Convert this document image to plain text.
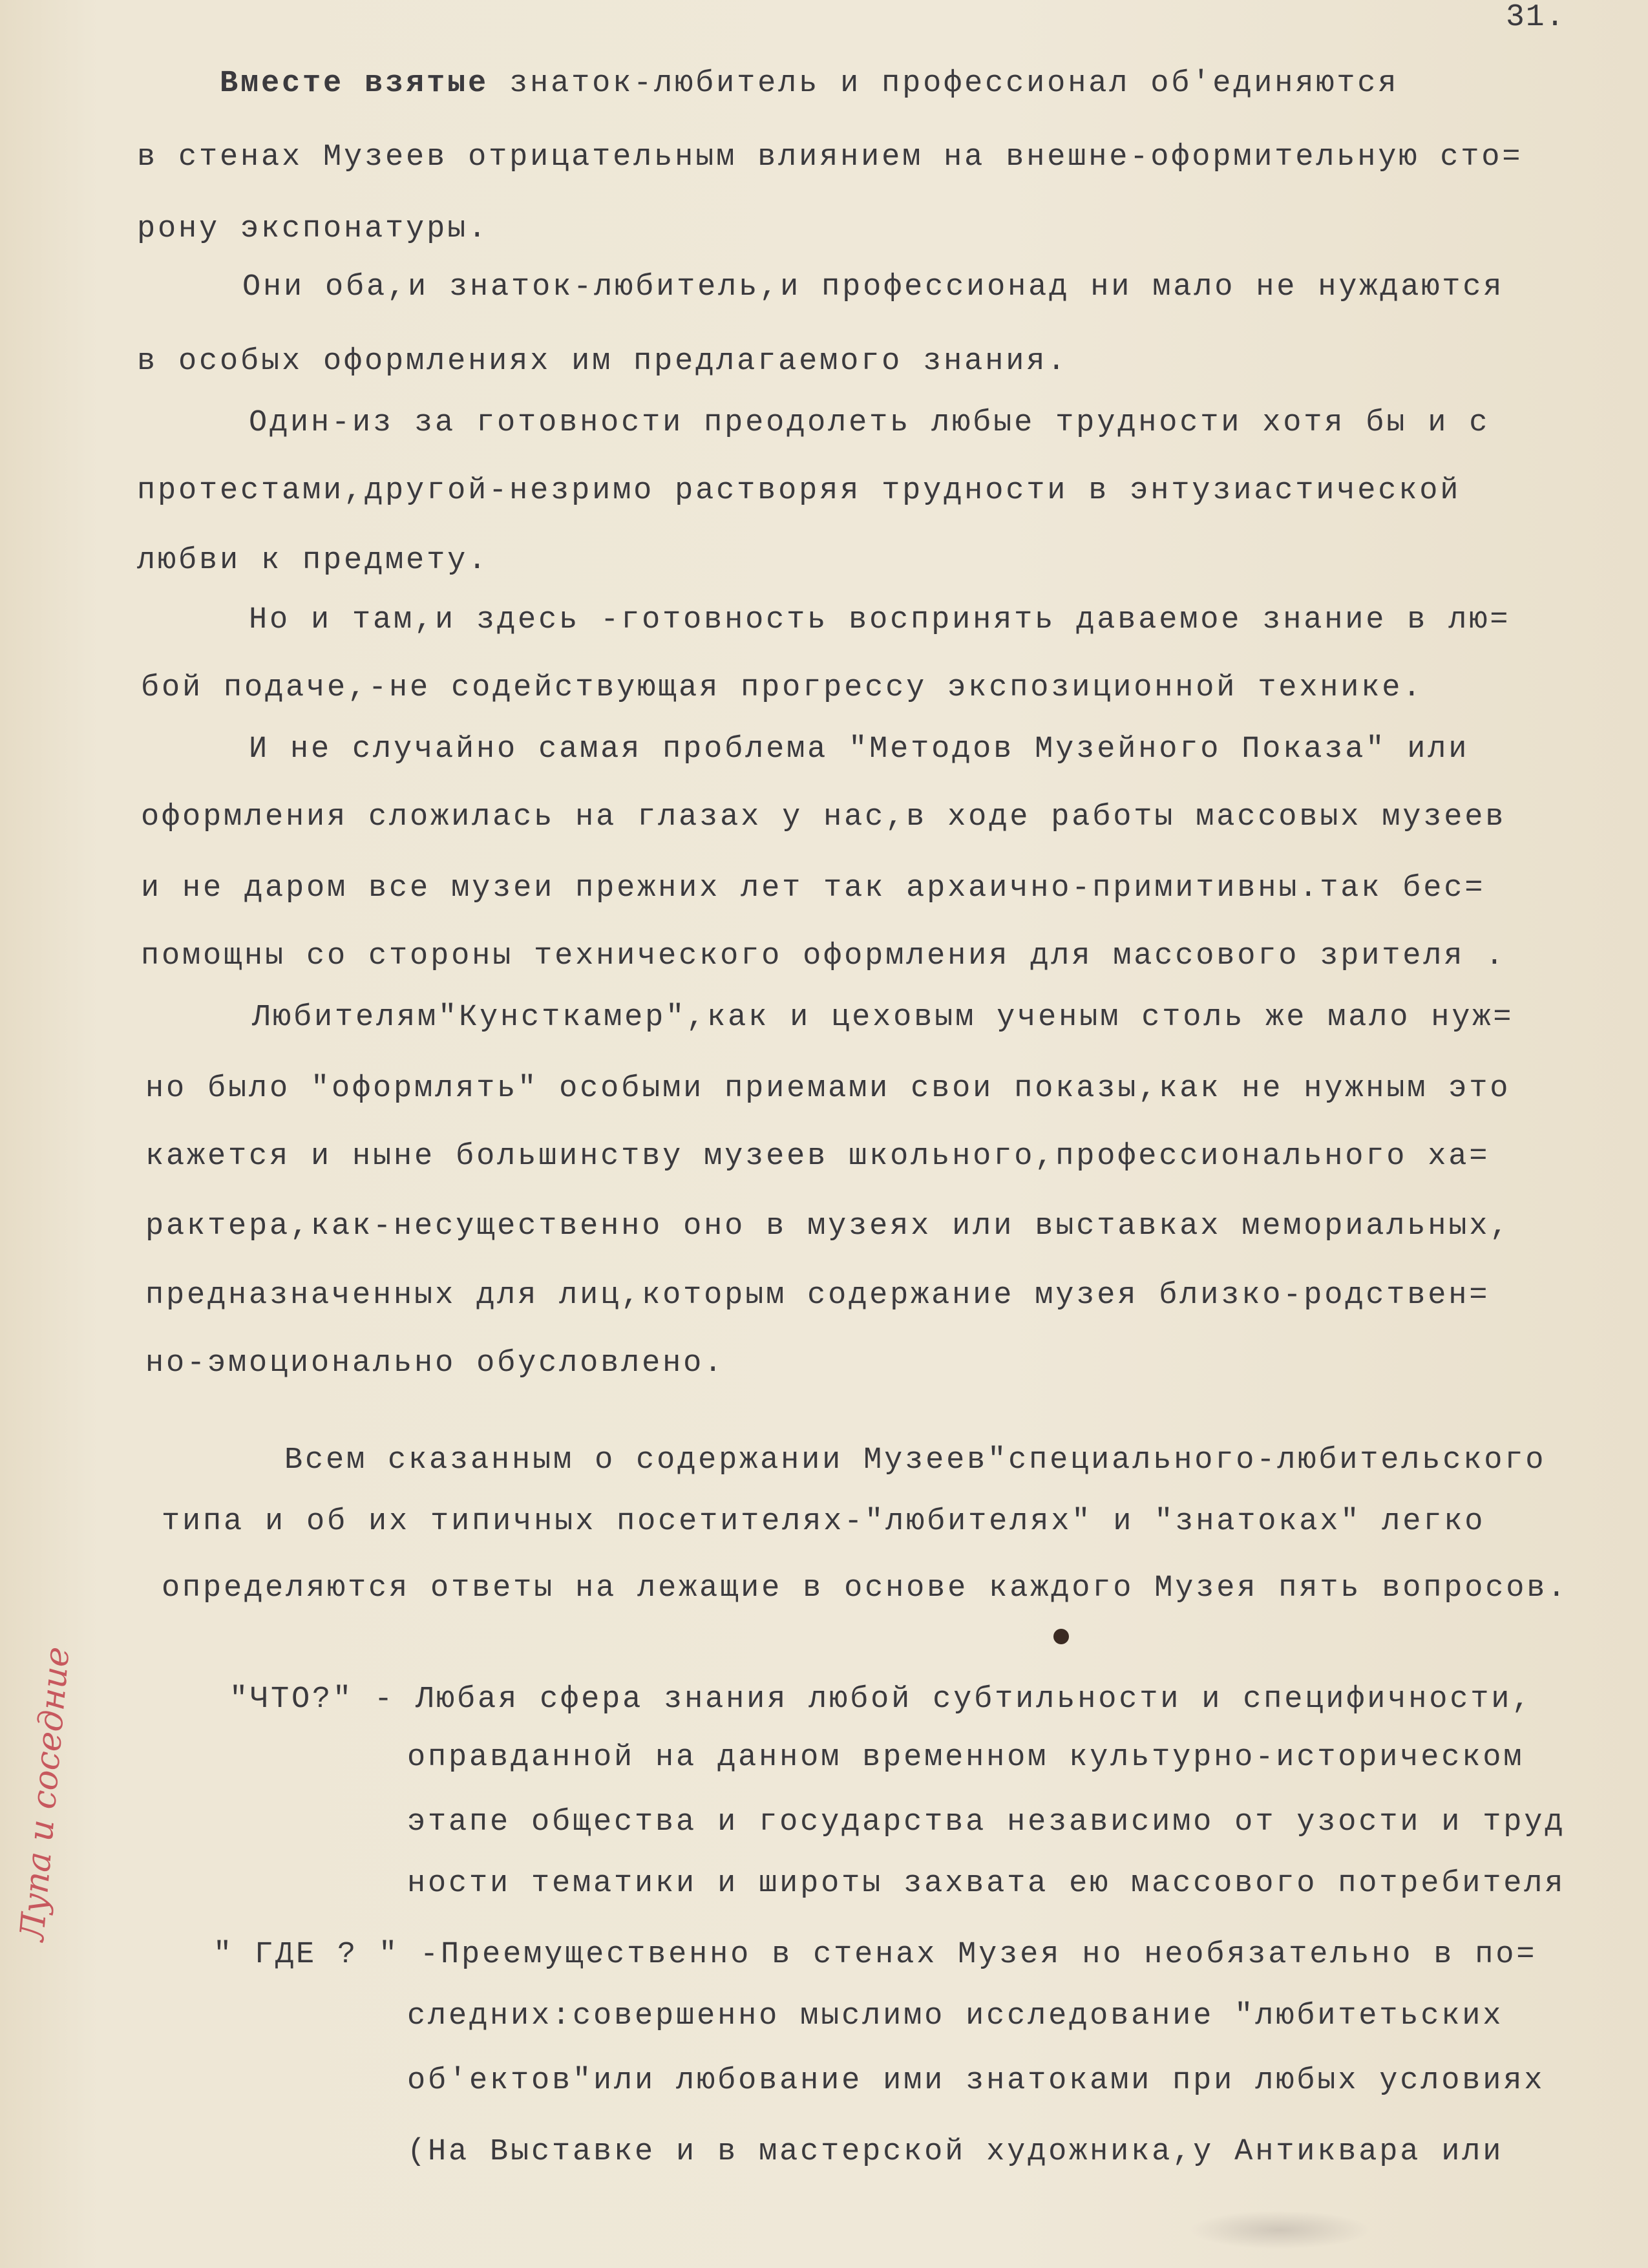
31.
Вместе взятые знаток-любитель и профессионал об'единяются
в стенах Музеев отрицательным влиянием на внешне-оформительную сто=
рону экспонатуры.
Они оба,и знаток-любитель,и профессионад ни мало не нуждаются
в особых оформлениях им предлагаемого знания.
Один-из за готовности преодолеть любые трудности хотя бы и с
протестами,другой-незримо растворяя трудности в энтузиастической
любви к предмету.
Но и там,и здесь -готовность воспринять даваемое знание в лю=
бой подаче,-не содействующая прогрессу экспозиционной технике.
И не случайно самая проблема "Методов Музейного Показа" или
оформления сложилась на глазах у нас,в ходе работы массовых музеев
и не даром все музеи прежних лет так архаично-примитивны.так бес=
помощны со стороны технического оформления для массового зрителя .
Любителям"Кунсткамер",как и цеховым ученым столь же мало нуж=
но было "оформлять" особыми приемами свои показы,как не нужным это
кажется и ныне большинству музеев школьного,профессионального ха=
рактера,как-несущественно оно в музеях или выставках мемориальных,
предназначенных для лиц,которым содержание музея близко-родствен=
но-эмоционально обусловлено.
Всем сказанным о содержании Музеев"специального-любительского
типа и об их типичных посетителях-"любителях" и "знатоках" легко
определяются ответы на лежащие в основе каждого Музея пять вопросов.
"ЧТО?" - Любая сфера знания любой субтильности и специфичности,
оправданной на данном временном культурно-историческом
этапе общества и государства независимо от узости и труд
ности тематики и широты захвата ею массового потребителя
" ГДЕ ? " -Преемущественно в стенах Музея но необязательно в по=
следних:совершенно мыслимо исследование "любитетьских
об'ектов"или любование ими знатоками при любых условиях
(На Выставке и в мастерской художника,у Антиквара или
Лупа и соседние
